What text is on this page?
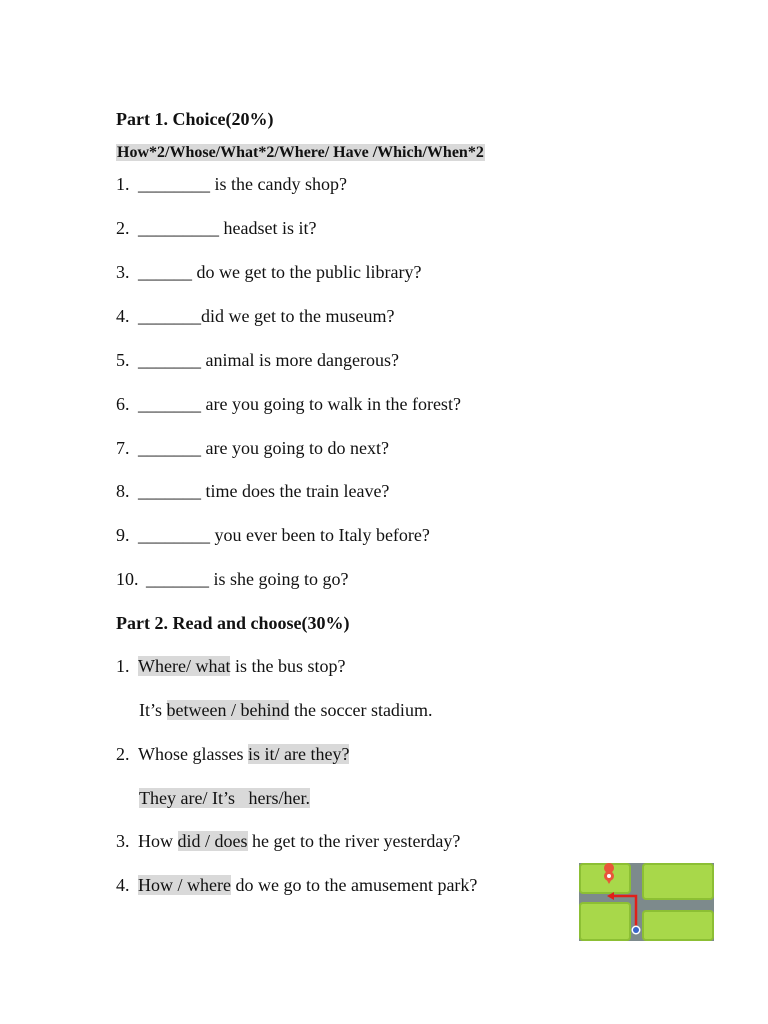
Part 1. Choice(20%)
How*2/Whose/What*2/Where/ Have /Which/When*2
1. ________ is the candy shop?
2. _________ headset is it?
3. ______ do we get to the public library?
4. _______did we get to the museum?
5. _______ animal is more dangerous?
6. _______ are you going to walk in the forest?
7. _______ are you going to do next?
8. _______ time does the train leave?
9. ________ you ever been to Italy before?
10. _______ is she going to go?
Part 2. Read and choose(30%)
1. Where/ what is the bus stop?
It’s between / behind the soccer stadium.
2. Whose glasses is it/ are they?
They are/ It’s   hers/her.
3. How did / does he get to the river yesterday?
4. How / where do we go to the amusement park?
